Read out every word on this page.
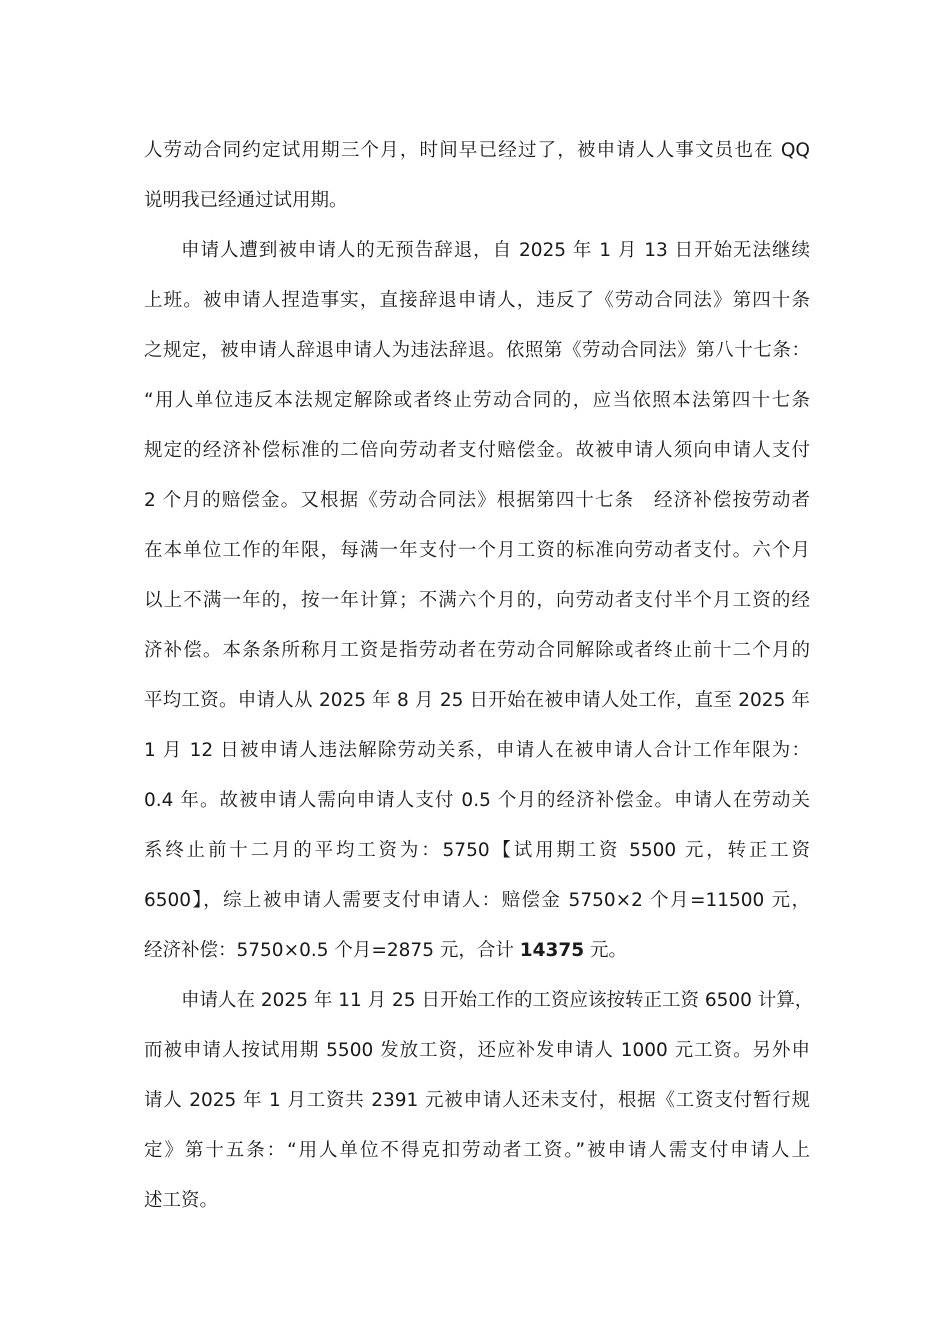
人劳动合同约定试用期三个月，时间早已经过了，被申请人人事文员也在 QQ
说明我已经通过试用期。
申请人遭到被申请人的无预告辞退，自 2025 年 1 月 13 日开始无法继续
上班。被申请人捏造事实，直接辞退申请人，违反了《劳动合同法》第四十条
之规定，被申请人辞退申请人为违法辞退。依照第《劳动合同法》第八十七条：
“用人单位违反本法规定解除或者终止劳动合同的，应当依照本法第四十七条
规定的经济补偿标准的二倍向劳动者支付赔偿金。故被申请人须向申请人支付
2 个月的赔偿金。又根据《劳动合同法》根据第四十七条　经济补偿按劳动者
在本单位工作的年限，每满一年支付一个月工资的标准向劳动者支付。六个月
以上不满一年的，按一年计算；不满六个月的，向劳动者支付半个月工资的经
济补偿。本条条所称月工资是指劳动者在劳动合同解除或者终止前十二个月的
平均工资。申请人从 2025 年 8 月 25 日开始在被申请人处工作，直至 2025 年
1 月 12 日被申请人违法解除劳动关系，申请人在被申请人合计工作年限为：
0.4 年。故被申请人需向申请人支付 0.5 个月的经济补偿金。申请人在劳动关
系终止前十二月的平均工资为：5750【试用期工资 5500 元，转正工资
6500】，综上被申请人需要支付申请人：赔偿金 5750×2 个月=11500 元，
经济补偿：5750×0.5 个月=2875 元，合计 14375 元。
申请人在 2025 年 11 月 25 日开始工作的工资应该按转正工资 6500 计算，
而被申请人按试用期 5500 发放工资，还应补发申请人 1000 元工资。另外申
请人 2025 年 1 月工资共 2391 元被申请人还未支付，根据《工资支付暂行规
定》第十五条：“用人单位不得克扣劳动者工资。”被申请人需支付申请人上
述工资。
